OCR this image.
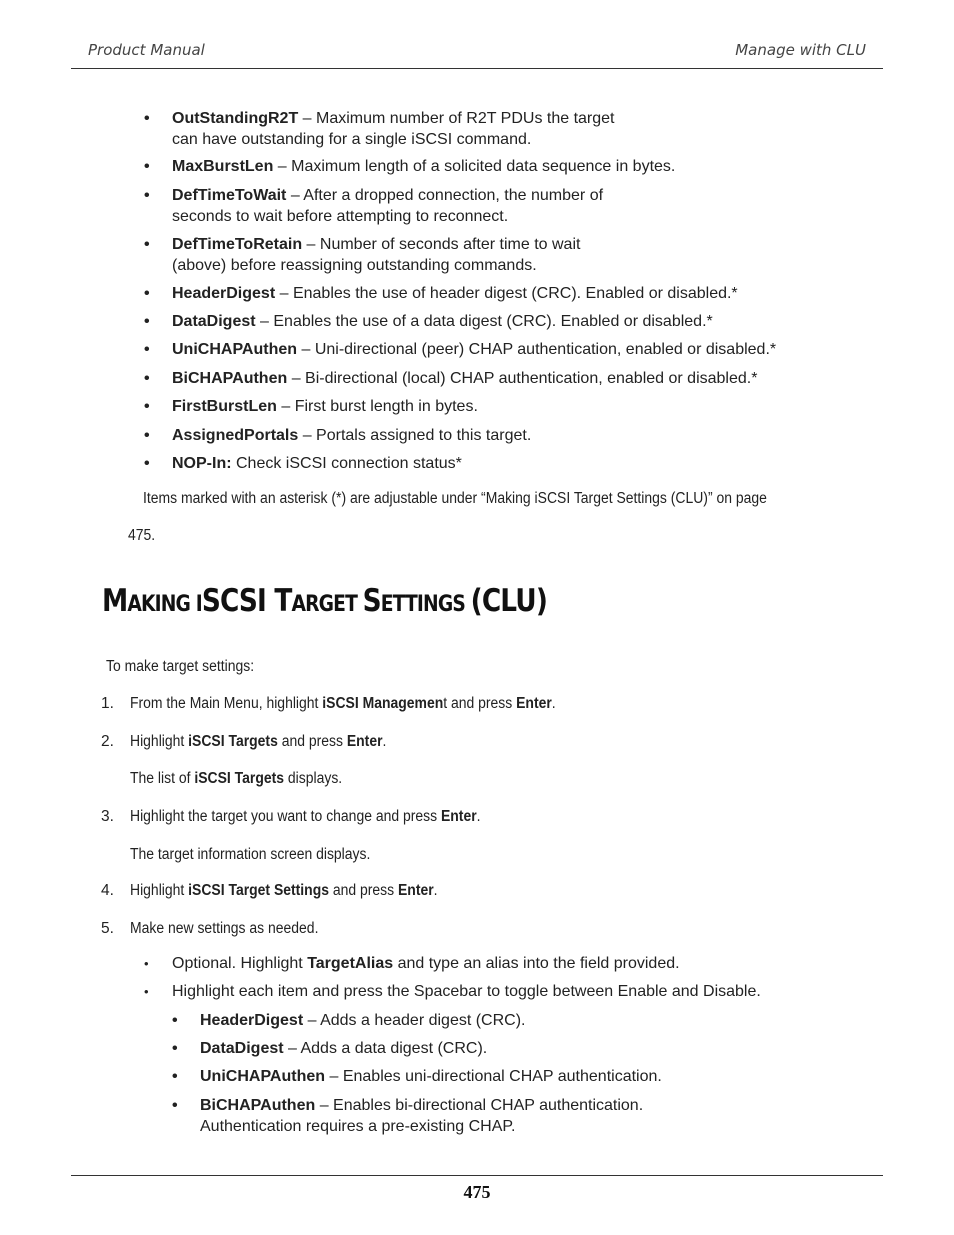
Product Manual	Manage with CLU
• OutStandingR2T – Maximum number of R2T PDUs the target
can have outstanding for a single iSCSI command.
• MaxBurstLen – Maximum length of a solicited data sequence in bytes.
• DefTimeToWait – After a dropped connection, the number of
seconds to wait before attempting to reconnect.
• DefTimeToRetain – Number of seconds after time to wait
(above) before reassigning outstanding commands.
• HeaderDigest – Enables the use of header digest (CRC). Enabled or disabled.*
• DataDigest – Enables the use of a data digest (CRC). Enabled or disabled.*
• UniCHAPAuthen – Uni-directional (peer) CHAP authentication, enabled or disabled.*
• BiCHAPAuthen – Bi-directional (local) CHAP authentication, enabled or disabled.*
• FirstBurstLen – First burst length in bytes.
• AssignedPortals – Portals assigned to this target.
• NOP-In: Check iSCSI connection status*
Items marked with an asterisk (*) are adjustable under “Making iSCSI Target Settings (CLU)” on page
475.
MAKING ISCSI TARGET SETTINGS (CLU)
To make target settings:
1. From the Main Menu, highlight iSCSI Management and press Enter.
2. Highlight iSCSI Targets and press Enter.
The list of iSCSI Targets displays.
3. Highlight the target you want to change and press Enter.
The target information screen displays.
4. Highlight iSCSI Target Settings and press Enter.
5. Make new settings as needed.
• Optional. Highlight TargetAlias and type an alias into the field provided.
• Highlight each item and press the Spacebar to toggle between Enable and Disable.
• HeaderDigest – Adds a header digest (CRC).
• DataDigest – Adds a data digest (CRC).
• UniCHAPAuthen – Enables uni-directional CHAP authentication.
• BiCHAPAuthen – Enables bi-directional CHAP authentication.
Authentication requires a pre-existing CHAP.
475
